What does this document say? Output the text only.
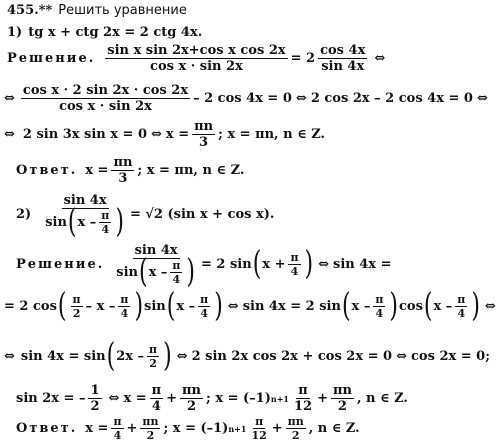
455.** Решить уравнение
1) tg x + ctg 2x = 2 ctg 4x.
Решение. $\frac{\text{sin x sin 2x+cos x cos 2x}}{\text{cos x · sin 2x}} = 2$
cos 4x
sin 4x
⇔
⇔
cos x · 2 sin 2x · cos 2x
cos x · sin 2x
– 2 cos 4x = 0 ⇔ 2 cos 2x – 2 cos 4x = 0 ⇔
⇔ 2 sin 3x sin x = 0 ⇔ $x = \frac{\pi n}{3}$ ; x = πn, n ∈ Z.
Ответ. $x = \frac{\pi n}{3}$ ; x = πn, n ∈ Z.
2)
sin 4x
sin ( x – π
4 ) = √2 (sin x + cos x).
Решение.
sin 4x
sin ( x – π
4 ) = 2 sin ( $x + \frac{\pi}{4}$ ) ⇔ sin 4x =
= 2 cos ( π
2 – x – π
4 ) sin ( x – π
4 ) ⇔ sin 4x = 2 sin ( x – π
4 ) cos ( x – π
4 ) ⇔
⇔ sin 4x = sin ( 2x – π
2 ) ⇔ 2 sin 2x cos 2x + cos 2x = 0 ⇔ cos 2x = 0;
sin 2x = –
1
2
⇔ $x = \frac{\pi}{4} + \frac{\pi n}{2}$ ; x = (–1) n+1
π
12
+ $\frac{\pi n}{2}$ , n ∈ Z.
Ответ. $x = \frac{\pi}{4} + \frac{\pi n}{2}$ ; x = (–1) n+1
π
$12 + \frac{\pi n}{2}$ , n ∈ Z.
